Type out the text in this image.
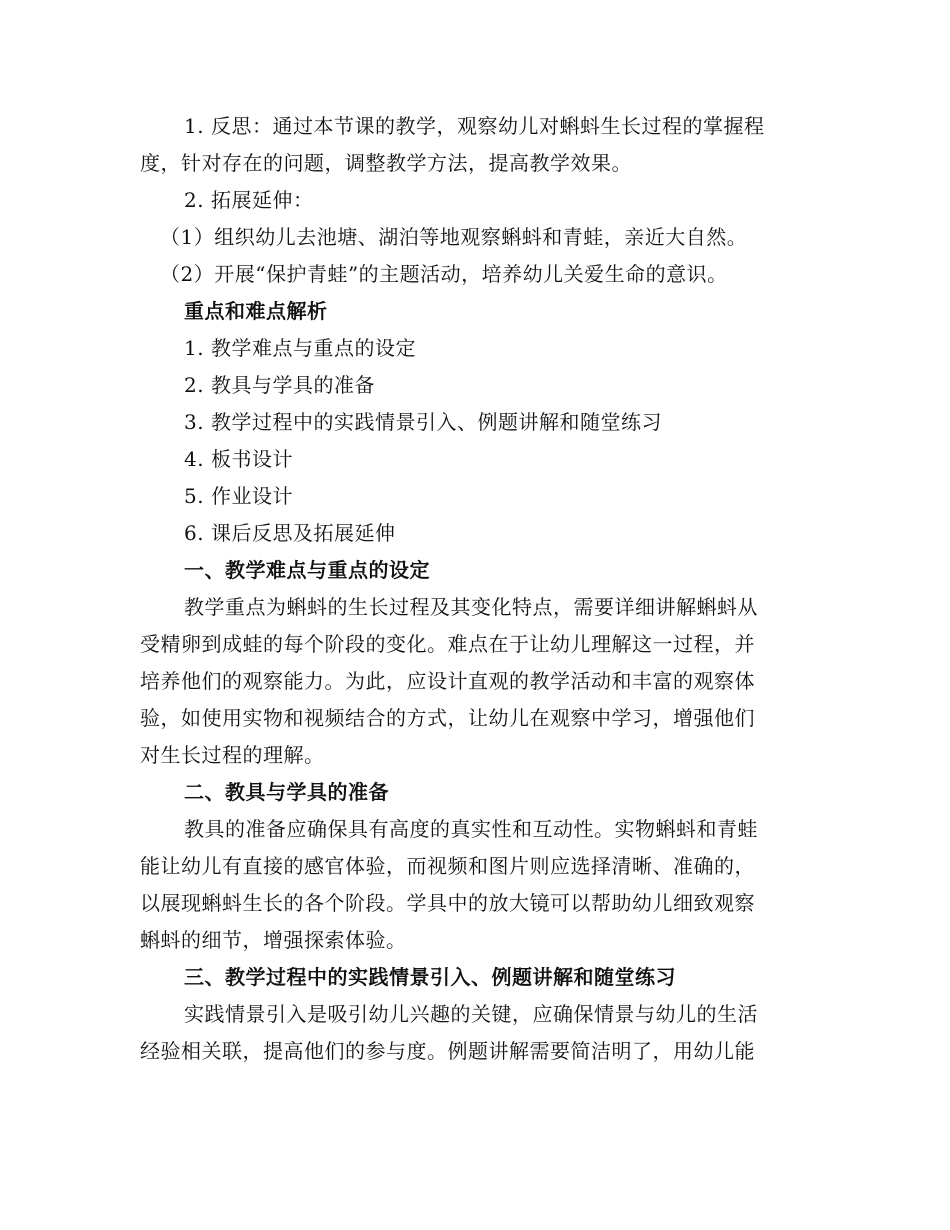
1. 反思：通过本节课的教学，观察幼儿对蝌蚪生长过程的掌握程
度，针对存在的问题，调整教学方法，提高教学效果。
2. 拓展延伸：
（1）组织幼儿去池塘、湖泊等地观察蝌蚪和青蛙，亲近大自然。
（2）开展“保护青蛙”的主题活动，培养幼儿关爱生命的意识。
重点和难点解析
1. 教学难点与重点的设定
2. 教具与学具的准备
3. 教学过程中的实践情景引入、例题讲解和随堂练习
4. 板书设计
5. 作业设计
6. 课后反思及拓展延伸
一、教学难点与重点的设定
教学重点为蝌蚪的生长过程及其变化特点，需要详细讲解蝌蚪从
受精卵到成蛙的每个阶段的变化。难点在于让幼儿理解这一过程，并
培养他们的观察能力。为此，应设计直观的教学活动和丰富的观察体
验，如使用实物和视频结合的方式，让幼儿在观察中学习，增强他们
对生长过程的理解。
二、教具与学具的准备
教具的准备应确保具有高度的真实性和互动性。实物蝌蚪和青蛙
能让幼儿有直接的感官体验，而视频和图片则应选择清晰、准确的，
以展现蝌蚪生长的各个阶段。学具中的放大镜可以帮助幼儿细致观察
蝌蚪的细节，增强探索体验。
三、教学过程中的实践情景引入、例题讲解和随堂练习
实践情景引入是吸引幼儿兴趣的关键，应确保情景与幼儿的生活
经验相关联，提高他们的参与度。例题讲解需要简洁明了，用幼儿能
